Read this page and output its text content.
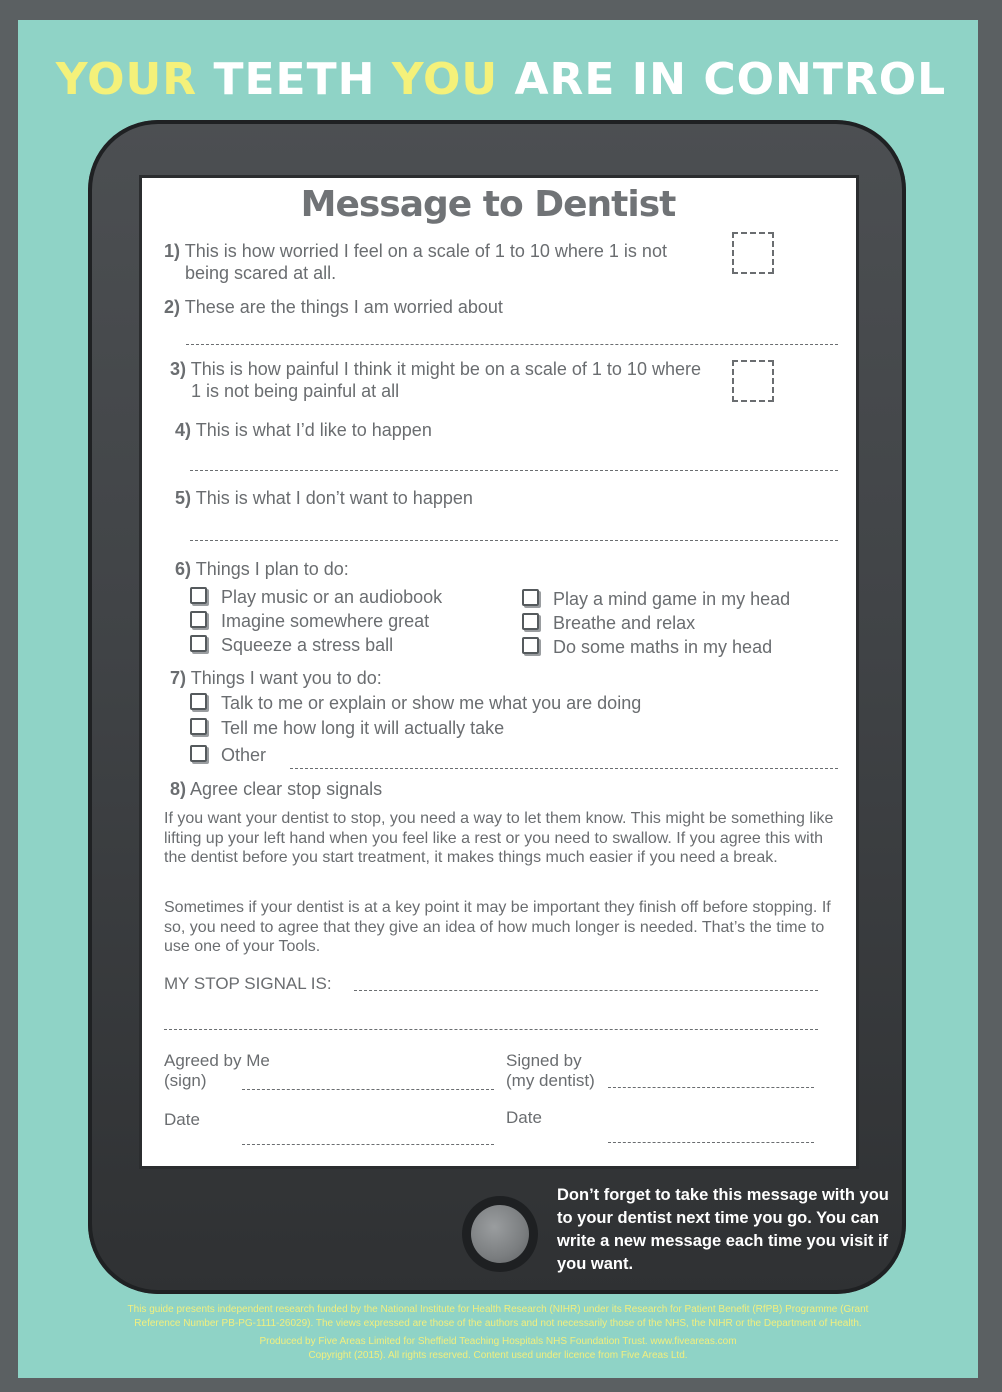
YOUR TEETH YOU ARE IN CONTROL
Message to Dentist

1) This is how worried I feel on a scale of 1 to 10 where 1 is not
being scared at all.

2) These are the things I am worried about

3) This is how painful I think it might be on a scale of 1 to 10 where
1 is not being painful at all

4) This is what I’d like to happen

5) This is what I don’t want to happen

6) Things I plan to do:

Play music or an audiobook
Imagine somewhere great
Squeeze a stress ball
Play a mind game in my head
Breathe and relax
Do some maths in my head

7) Things I want you to do:

Talk to me or explain or show me what you are doing
Tell me how long it will actually take
Other

8) Agree clear stop signals

If you want your dentist to stop, you need a way to let them know. This might be something like lifting up your left hand when you feel like a rest or you need to swallow. If you agree this with the dentist before you start treatment, it makes things much easier if you need a break.

Sometimes if your dentist is at a key point it may be important they finish off before stopping. If so, you need to agree that they give an idea of how much longer is needed. That’s the time to use one of your Tools.

MY STOP SIGNAL IS:

Agreed by Me
(sign)

Signed by
(my dentist)

Date	Date

Don’t forget to take this message with you to your dentist next time you go. You can write a new message each time you visit if you want.

This guide presents independent research funded by the National Institute for Health Research (NIHR) under its Research for Patient Benefit (RfPB) Programme (Grant

Reference Number PB-PG-1111-26029). The views expressed are those of the authors and not necessarily those of the NHS, the NIHR or the Department of Health.

Produced by Five Areas Limited for Sheffield Teaching Hospitals NHS Foundation Trust. www.fiveareas.com

Copyright (2015). All rights reserved. Content used under licence from Five Areas Ltd.
